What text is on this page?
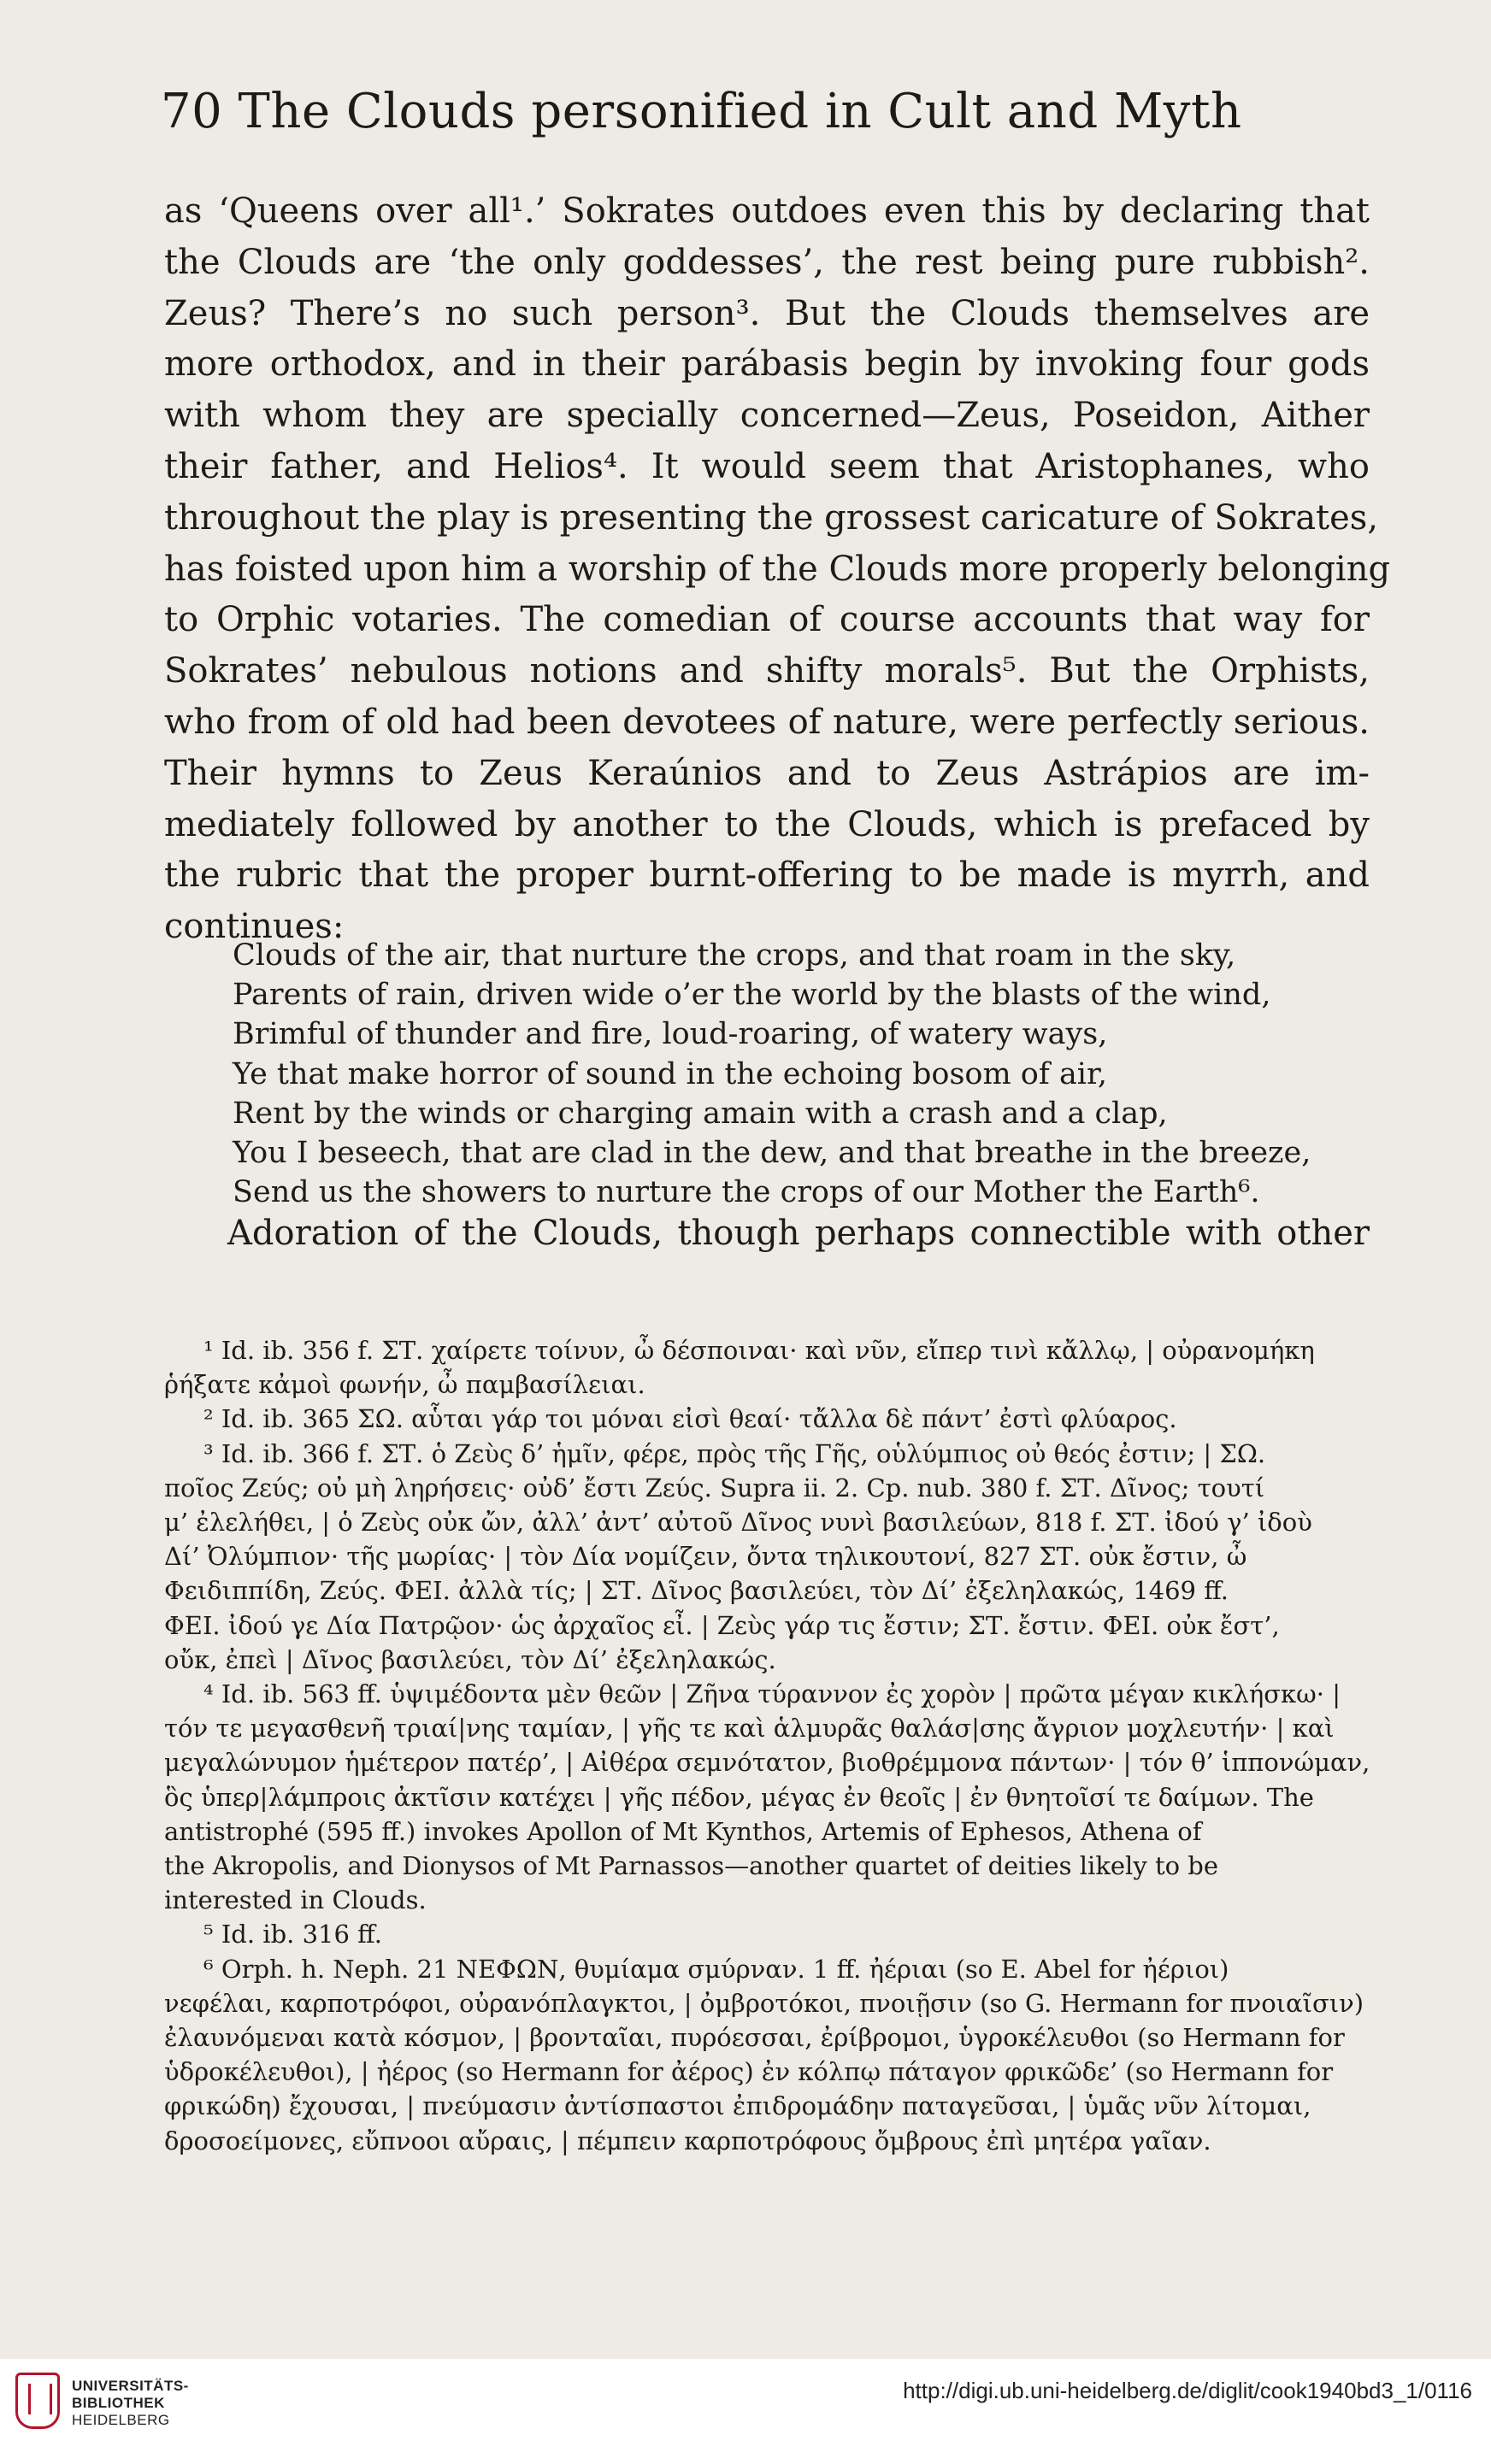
70 The Clouds personified in Cult and Myth
as ‘Queens over all¹.’ Sokrates outdoes even this by declaring that
the Clouds are ‘the only goddesses’, the rest being pure rubbish².
Zeus? There’s no such person³. But the Clouds themselves are
more orthodox, and in their parábasis begin by invoking four gods
with whom they are specially concerned—Zeus, Poseidon, Aither
their father, and Helios⁴. It would seem that Aristophanes, who
throughout the play is presenting the grossest caricature of Sokrates,
has foisted upon him a worship of the Clouds more properly belonging
to Orphic votaries. The comedian of course accounts that way for
Sokrates’ nebulous notions and shifty morals⁵. But the Orphists,
who from of old had been devotees of nature, were perfectly serious.
Their hymns to Zeus Keraúnios and to Zeus Astrápios are im-
mediately followed by another to the Clouds, which is prefaced by
the rubric that the proper burnt-offering to be made is myrrh, and
continues:
Clouds of the air, that nurture the crops, and that roam in the sky,
Parents of rain, driven wide o’er the world by the blasts of the wind,
Brimful of thunder and fire, loud-roaring, of watery ways,
Ye that make horror of sound in the echoing bosom of air,
Rent by the winds or charging amain with a crash and a clap,
You I beseech, that are clad in the dew, and that breathe in the breeze,
Send us the showers to nurture the crops of our Mother the Earth⁶.
Adoration of the Clouds, though perhaps connectible with other
¹ Id. ib. 356 f. ΣΤ. χαίρετε τοίνυν, ὦ δέσποιναι· καὶ νῦν, εἴπερ τινὶ κἄλλῳ, | οὐρανομήκη
ῥήξατε κἀμοὶ φωνήν, ὦ παμβασίλειαι.
² Id. ib. 365 ΣΩ. αὗται γάρ τοι μόναι εἰσὶ θεαί· τἄλλα δὲ πάντ’ ἐστὶ φλύαρος.
³ Id. ib. 366 f. ΣΤ. ὁ Ζεὺς δ’ ἡμῖν, φέρε, πρὸς τῆς Γῆς, οὑλύμπιος οὐ θεός ἐστιν; | ΣΩ.
ποῖος Ζεύς; οὐ μὴ ληρήσεις· οὐδ’ ἔστι Ζεύς. Supra ii. 2. Cp. nub. 380 f. ΣΤ. Δῖνος; τουτί
μ’ ἐλελήθει, | ὁ Ζεὺς οὐκ ὤν, ἀλλ’ ἀντ’ αὐτοῦ Δῖνος νυνὶ βασιλεύων, 818 f. ΣΤ. ἰδού γ’ ἰδοὺ
Δί’ Ὀλύμπιον· τῆς μωρίας· | τὸν Δία νομίζειν, ὄντα τηλικουτονί, 827 ΣΤ. οὐκ ἔστιν, ὦ
Φειδιππίδη, Ζεύς. ΦΕΙ. ἀλλὰ τίς; | ΣΤ. Δῖνος βασιλεύει, τὸν Δί’ ἐξεληλακώς, 1469 ff.
ΦΕΙ. ἰδού γε Δία Πατρῷον· ὡς ἀρχαῖος εἶ. | Ζεὺς γάρ τις ἔστιν; ΣΤ. ἔστιν. ΦΕΙ. οὐκ ἔστ’,
οὔκ, ἐπεὶ | Δῖνος βασιλεύει, τὸν Δί’ ἐξεληλακώς.
⁴ Id. ib. 563 ff. ὑψιμέδοντα μὲν θεῶν | Ζῆνα τύραννον ἐς χορὸν | πρῶτα μέγαν κικλήσκω· |
τόν τε μεγασθενῆ τριαί|νης ταμίαν, | γῆς τε καὶ ἁλμυρᾶς θαλάσ|σης ἄγριον μοχλευτήν· | καὶ
μεγαλώνυμον ἡμέτερον πατέρ’, | Αἰθέρα σεμνότατον, βιοθρέμμονα πάντων· | τόν θ’ ἱππονώμαν,
ὃς ὑπερ|λάμπροις ἀκτῖσιν κατέχει | γῆς πέδον, μέγας ἐν θεοῖς | ἐν θνητοῖσί τε δαίμων. The
antistrophé (595 ff.) invokes Apollon of Mt Kynthos, Artemis of Ephesos, Athena of
the Akropolis, and Dionysos of Mt Parnassos—another quartet of deities likely to be
interested in Clouds.
⁵ Id. ib. 316 ff.
⁶ Orph. h. Neph. 21 ΝΕΦΩΝ, θυμίαμα σμύρναν. 1 ff. ἠέριαι (so E. Abel for ἠέριοι)
νεφέλαι, καρποτρόφοι, οὐρανόπλαγκτοι, | ὀμβροτόκοι, πνοιῇσιν (so G. Hermann for πνοιαῖσιν)
ἐλαυνόμεναι κατὰ κόσμον, | βρονταῖαι, πυρόεσσαι, ἐρίβρομοι, ὑγροκέλευθοι (so Hermann for
ὑδροκέλευθοι), | ἠέρος (so Hermann for ἀέρος) ἐν κόλπῳ πάταγον φρικῶδε’ (so Hermann for
φρικώδη) ἔχουσαι, | πνεύμασιν ἀντίσπαστοι ἐπιδρομάδην παταγεῦσαι, | ὑμᾶς νῦν λίτομαι,
δροσοείμονες, εὔπνοοι αὔραις, | πέμπειν καρποτρόφους ὄμβρους ἐπὶ μητέρα γαῖαν.
UNIVERSITÄTS-
BIBLIOTHEK
HEIDELBERG
http://digi.ub.uni-heidelberg.de/diglit/cook1940bd3_1/0116
